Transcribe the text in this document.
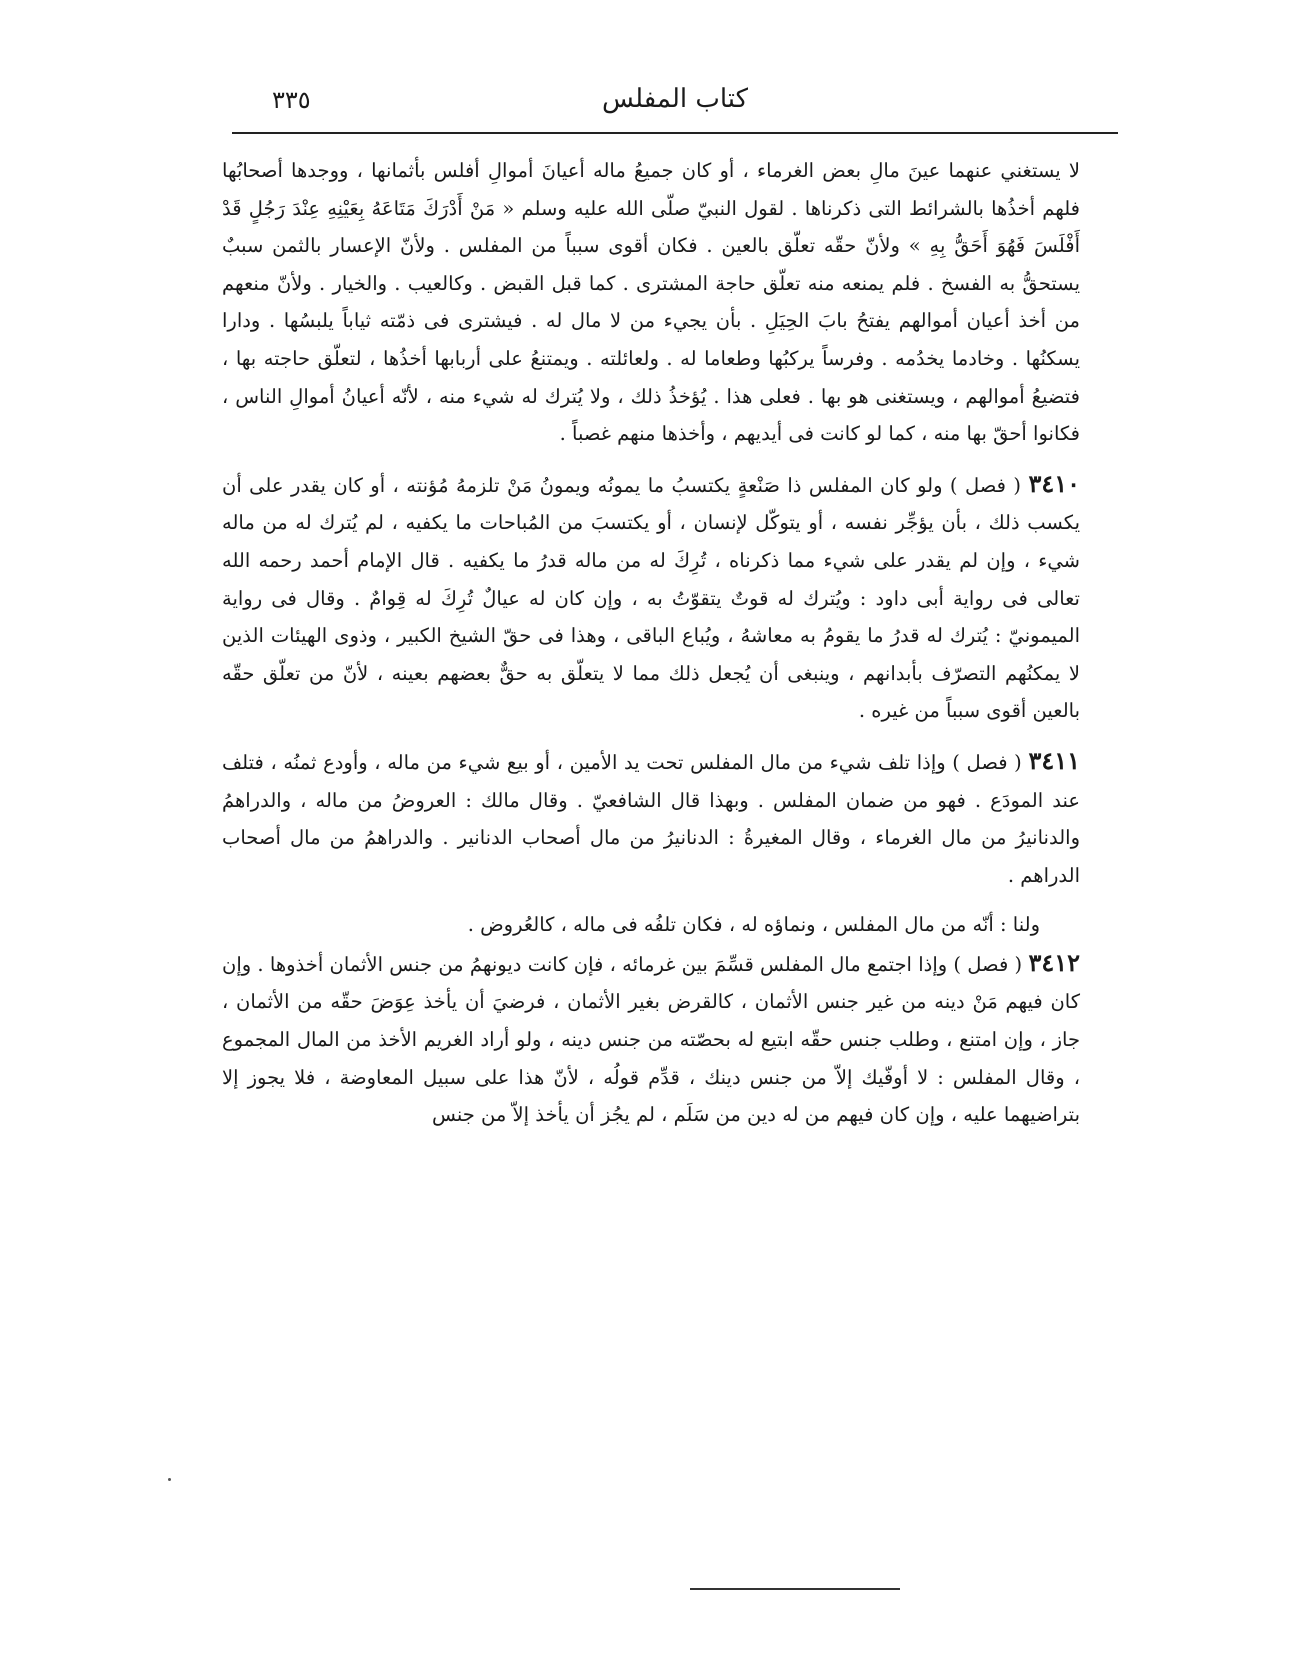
كتاب المفلس
٣٣٥

لا يستغني عنهما عينَ مالِ بعض الغرماء ، أو كان جميعُ ماله أعيانَ أموالِ أفلس بأثمانها ، ووجدها أصحابُها فلهم أخذُها بالشرائط التى ذكرناها . لقول النبيّ صلّى الله عليه وسلم « مَنْ أَدْرَكَ مَتَاعَهُ بِعَيْنِهِ عِنْدَ رَجُلٍ قَدْ أَفْلَسَ فَهُوَ أَحَقُّ بِهِ » ولأنّ حقّه تعلّق بالعين . فكان أقوى سبباً من المفلس . ولأنّ الإعسار بالثمن سببٌ يستحقُّ به الفسخ . فلم يمنعه منه تعلّق حاجة المشترى . كما قبل القبض . وكالعيب . والخيار . ولأنّ منعهم من أخذ أعيان أموالهم يفتحُ بابَ الحِيَلِ . بأن يجيء من لا مال له . فيشترى فى ذمّته ثياباً يلبسُها . ودارا يسكنُها . وخادما يخدُمه . وفرساً يركبُها وطعاما له . ولعائلته . ويمتنعُ على أربابها أخذُها ، لتعلّق حاجته بها ، فتضيعُ أموالهم ، ويستغنى هو بها . فعلى هذا . يُؤخذُ ذلك ، ولا يُترك له شيء منه ، لأنّه أعيانُ أموالِ الناس ، فكانوا أحقّ بها منه ، كما لو كانت فى أيديهم ، وأخذها منهم غصباً .

٣٤١٠ ( فصل ) ولو كان المفلس ذا صَنْعةٍ يكتسبُ ما يمونُه ويمونُ مَنْ تلزمهُ مُؤنته ، أو كان يقدر على أن يكسب ذلك ، بأن يؤجِّر نفسه ، أو يتوكّل لإنسان ، أو يكتسبَ من المُباحات ما يكفيه ، لم يُترك له من ماله شيء ، وإن لم يقدر على شيء مما ذكرناه ، تُرِكَ له من ماله قدرُ ما يكفيه . قال الإمام أحمد رحمه الله تعالى فى رواية أبى داود : ويُترك له قوتٌ يتقوّتُ به ، وإن كان له عيالٌ تُرِكَ له قِوامٌ . وقال فى رواية الميمونيّ : يُترك له قدرُ ما يقومُ به معاشهُ ، ويُباع الباقى ، وهذا فى حقّ الشيخ الكبير ، وذوى الهيئات الذين لا يمكنُهم التصرّف بأبدانهم ، وينبغى أن يُجعل ذلك مما لا يتعلّق به حقٌّ بعضهم بعينه ، لأنّ من تعلّق حقّه بالعين أقوى سبباً من غيره .

٣٤١١ ( فصل ) وإذا تلف شيء من مال المفلس تحت يد الأمين ، أو بيع شيء من ماله ، وأودع ثمنُه ، فتلف عند المودَع . فهو من ضمان المفلس . وبهذا قال الشافعيّ . وقال مالك : العروضُ من ماله ، والدراهمُ والدنانيرُ من مال الغرماء ، وقال المغيرةُ : الدنانيرُ من مال أصحاب الدنانير . والدراهمُ من مال أصحاب الدراهم .

ولنا : أنّه من مال المفلس ، ونماؤه له ، فكان تلفُه فى ماله ، كالعُروض .

٣٤١٢ ( فصل ) وإذا اجتمع مال المفلس قسِّمَ بين غرمائه ، فإن كانت ديونهمُ من جنس الأثمان أخذوها . وإن كان فيهم مَنْ دينه من غير جنس الأثمان ، كالقرض بغير الأثمان ، فرضيَ أن يأخذ عِوَضَ حقّه من الأثمان ، جاز ، وإن امتنع ، وطلب جنس حقّه ابتيع له بحصّته من جنس دينه ، ولو أراد الغريم الأخذ من المال المجموع ، وقال المفلس : لا أوفّيك إلاّ من جنس دينك ، قدِّم قولُه ، لأنّ هذا على سبيل المعاوضة ، فلا يجوز إلا بتراضيهما عليه ، وإن كان فيهم من له دين من سَلَم ، لم يجُز أن يأخذ إلاّ من جنس
